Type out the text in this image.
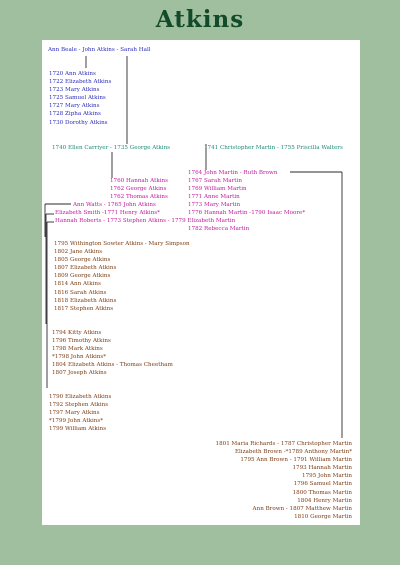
Atkins
Ann Beale - John Atkins - Sarah Hall
1720 Ann Atkins
1722 Elizabeth Atkins
1723 Mary Atkins
1725 Samuel Atkins
1727 Mary Atkins
1728 Zipha Atkins
1730 Dorothy Atkins
1740 Ellen Carriyer - 1735 George Atkins	1741 Christopher Martin - 1755 Priscilla Walters
1760 Hannah Atkins
1762 George Atkins
1762 Thomas Atkins
Ann Watts - 1765 John Atkins
Elizabeth Smith -1771 Henry Atkins*
Hannah Roberts - 1773 Stephen Atkins - 1779 Elizabeth Martin
1782 Rebecca Martin
1764 John Martin - Ruth Brown
1767 Sarah Martin
1769 William Martin
1771 Anne Martin
1773 Mary Martin
1776 Hannah Martin -1790 Isaac Moore*
1795 Withington Sowter Atkins - Mary Simpson
1802 Jane Atkins
1805 George Atkins
1807 Elizabeth Atkins
1809 George Atkins
1814 Ann Atkins
1816 Sarah Atkins
1818 Elizabeth Atkins
1817 Stephen Atkins
1794 Kitty Atkins
1796 Timothy Atkins
1798 Mark Atkins
*1798 John Atkins*
1804 Elizabeth Atkins - Thomas Cheetham
1807 Joseph Atkins
1790 Elizabeth Atkins
1792 Stephen Atkins
1797 Mary Atkins
*1799 John Atkins*
1799 William Atkins
1801 Maria Richards - 1787 Christopher Martin
Elizabeth Brown -*1789 Anthony Martin*
1795 Ann Brown - 1791 William Martin
1793 Hannah Martin
1795 John Martin
1796 Samuel Martin
1800 Thomas Martin
1804 Henry Martin
Ann Brown - 1807 Matthew Martin
1810 George Martin
